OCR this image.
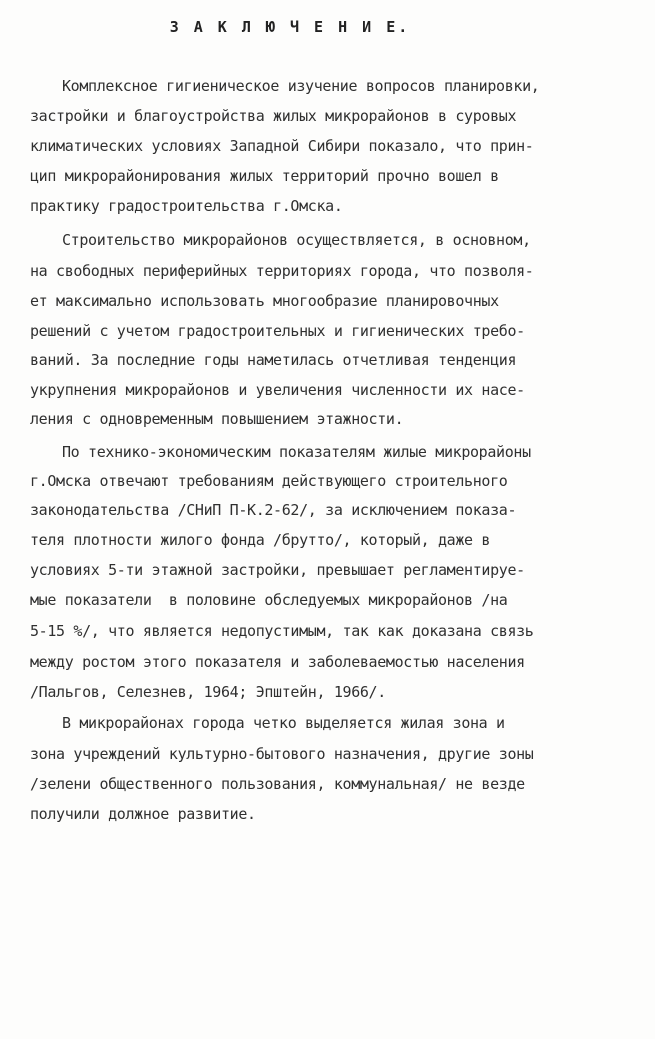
З А К Л Ю Ч Е Н И Е.
Комплексное гигиеническое изучение вопросов планировки,
застройки и благоустройства жилых микрорайонов в суровых
климатических условиях Западной Сибири показало, что прин-
цип микрорайонирования жилых территорий прочно вошел в
практику градостроительства г.Омска.
Строительство микрорайонов осуществляется, в основном,
на свободных периферийных территориях города, что позволя-
ет максимально использовать многообразие планировочных
решений с учетом градостроительных и гигиенических требо-
ваний. За последние годы наметилась отчетливая тенденция
укрупнения микрорайонов и увеличения численности их насе-
ления с одновременным повышением этажности.
По технико-экономическим показателям жилые микрорайоны
г.Омска отвечают требованиям действующего строительного
законодательства /СНиП П-К.2-62/, за исключением показа-
теля плотности жилого фонда /брутто/, который, даже в
условиях 5-ти этажной застройки, превышает регламентируе-
мые показатели  в половине обследуемых микрорайонов /на
5-15 %/, что является недопустимым, так как доказана связь
между ростом этого показателя и заболеваемостью населения
/Пальгов, Селезнев, 1964; Эпштейн, 1966/.
В микрорайонах города четко выделяется жилая зона и
зона учреждений культурно-бытового назначения, другие зоны
/зелени общественного пользования, коммунальная/ не везде
получили должное развитие.
